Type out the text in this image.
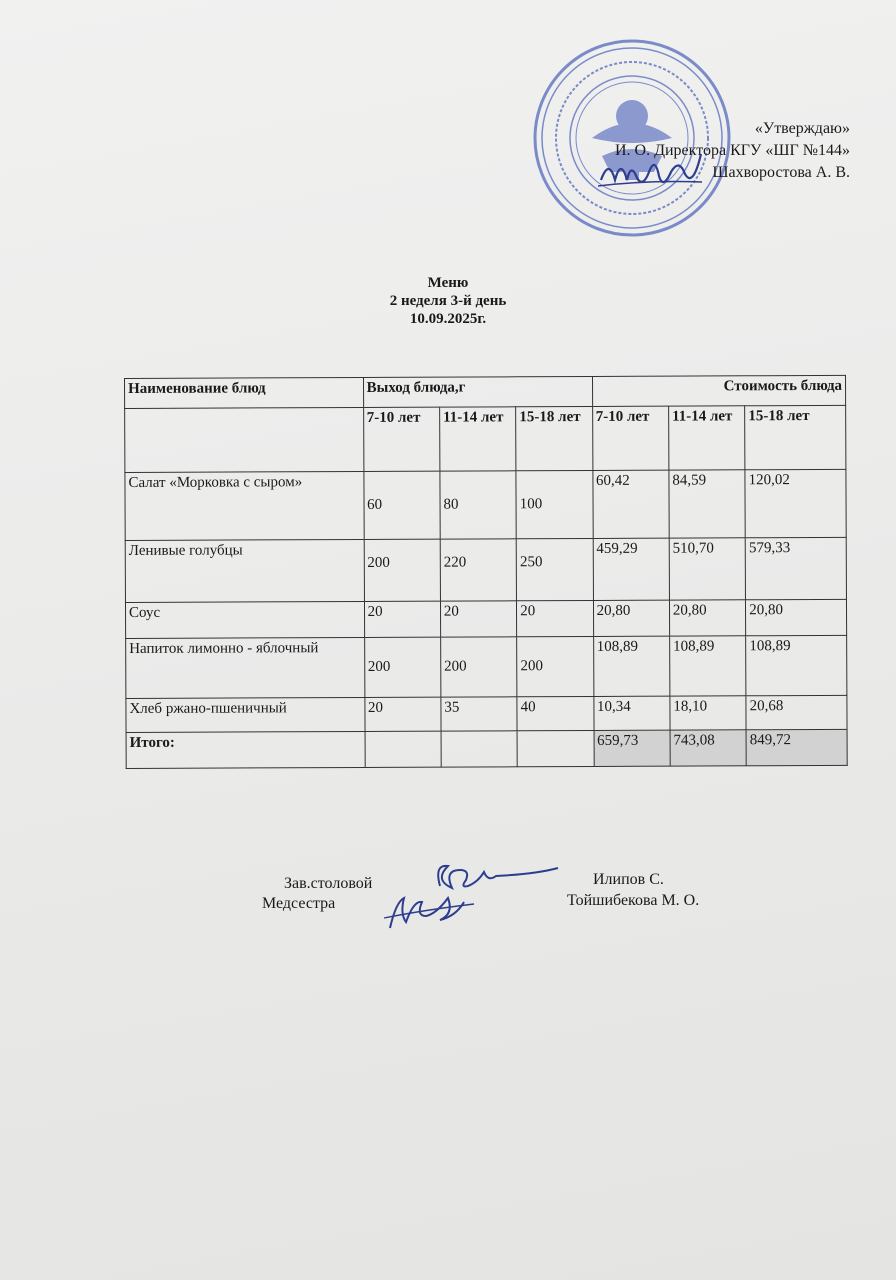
«Утверждаю»
И. О. Директора КГУ «ШГ №144»
Шахворостова А. В.
Меню
2 неделя 3-й день
10.09.2025г.
Наименование блюд	Выход блюда,г			Стоимость блюда		
	7-10 лет	11-14 лет	15-18 лет	7-10 лет	11-14 лет	15-18 лет
Салат «Морковка с сыром»	60	80	100	60,42	84,59	120,02
Ленивые голубцы	200	220	250	459,29	510,70	579,33
Соус	20	20	20	20,80	20,80	20,80
Напиток лимонно - яблочный	200	200	200	108,89	108,89	108,89
Хлеб ржано-пшеничный	20	35	40	10,34	18,10	20,68
Итого:				659,73	743,08	849,72
Зав.столовой
Медсестра
Илипов С.
Тойшибекова М. О.
